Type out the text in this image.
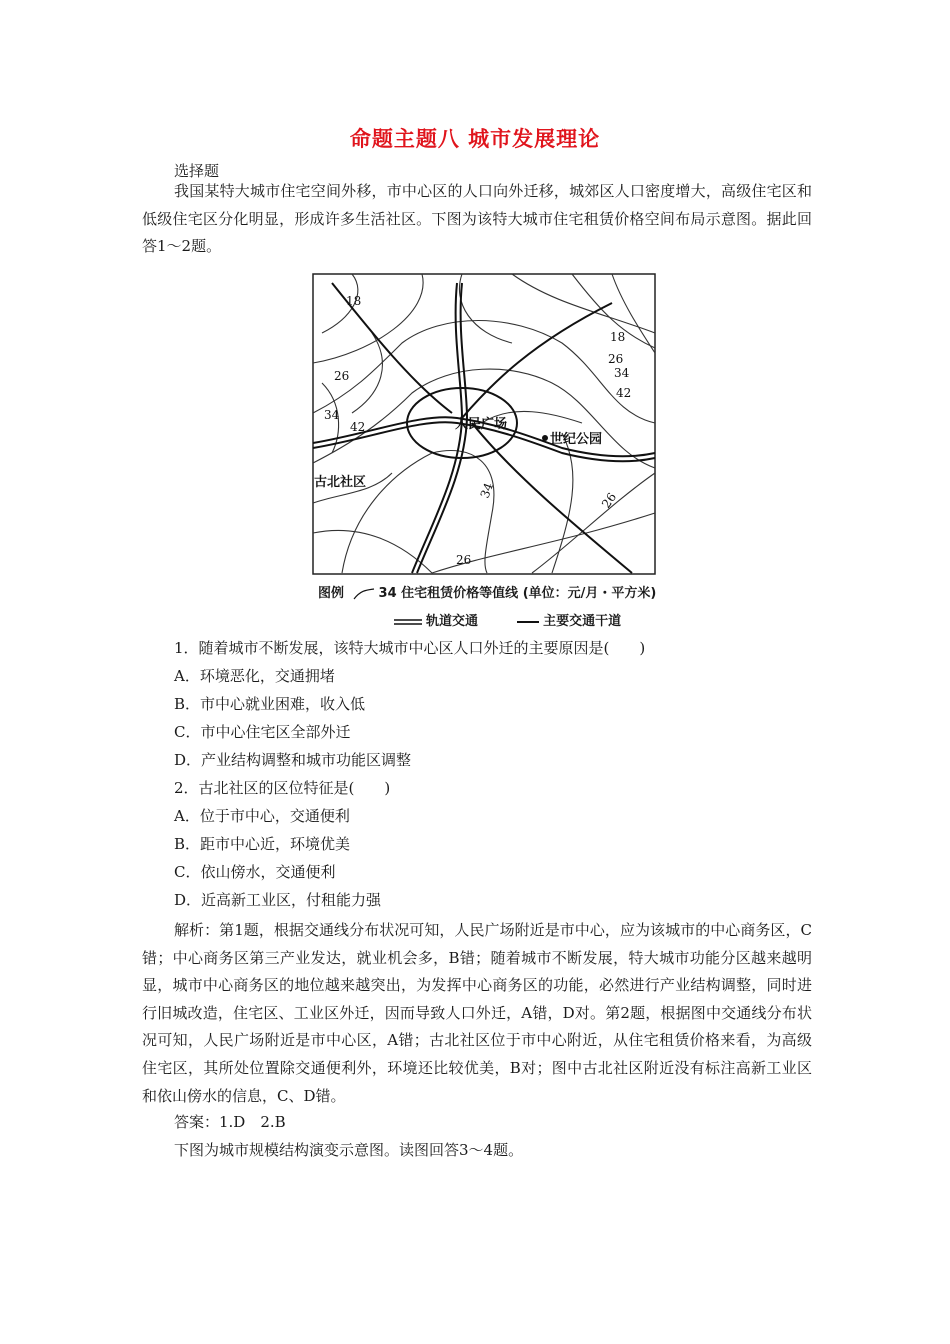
命题主题八 城市发展理论
选择题

我国某特大城市住宅空间外移，市中心区的人口向外迁移，城郊区人口密度增大，高级住宅区和低级住宅区分化明显，形成许多生活社区。下图为该特大城市住宅租赁价格空间布局示意图。据此回答1～2题。

18
26
34
42
18
26
34
42
34	26
26
人民广场
世纪公园
古北社区
图例	34 住宅租赁价格等值线 (单位：元/月・平方米)
轨道交通	主要交通干道
1．随着城市不断发展，该特大城市中心区人口外迁的主要原因是(　　)
A．环境恶化，交通拥堵
B．市中心就业困难，收入低
C．市中心住宅区全部外迁
D．产业结构调整和城市功能区调整
2．古北社区的区位特征是(　　)
A．位于市中心，交通便利
B．距市中心近，环境优美
C．依山傍水，交通便利
D．近高新工业区，付租能力强

解析：第1题，根据交通线分布状况可知，人民广场附近是市中心，应为该城市的中心商务区，C错；中心商务区第三产业发达，就业机会多，B错；随着城市不断发展，特大城市功能分区越来越明显，城市中心商务区的地位越来越突出，为发挥中心商务区的功能，必然进行产业结构调整，同时进行旧城改造，住宅区、工业区外迁，因而导致人口外迁，A错，D对。第2题，根据图中交通线分布状况可知，人民广场附近是市中心区，A错；古北社区位于市中心附近，从住宅租赁价格来看，为高级住宅区，其所处位置除交通便利外，环境还比较优美，B对；图中古北社区附近没有标注高新工业区和依山傍水的信息，C、D错。

答案：1.D　2.B
下图为城市规模结构演变示意图。读图回答3～4题。
